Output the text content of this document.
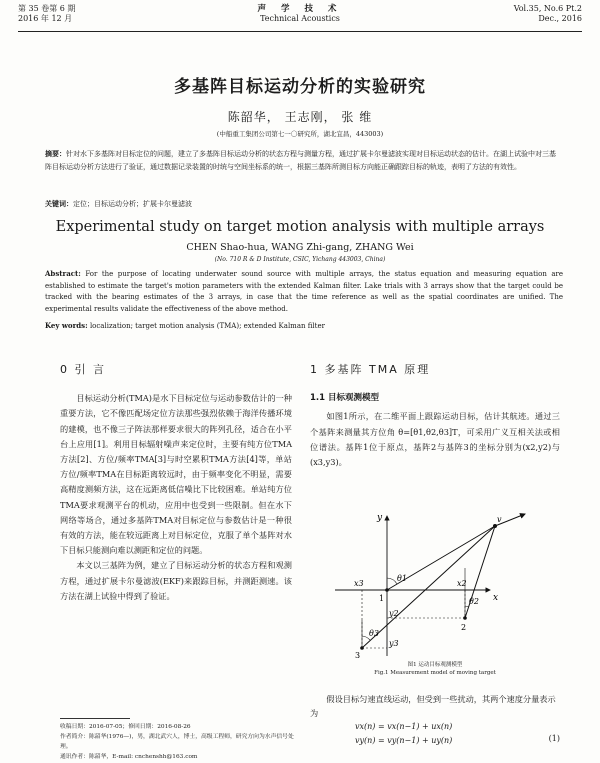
第 35 卷第 6 期
2016 年 12 月
声 学 技 术
Technical Acoustics
Vol.35, No.6 Pt.2
Dec., 2016
多基阵目标运动分析的实验研究
陈韶华， 王志刚， 张 维
(中船重工集团公司第七一〇研究所，湖北宜昌，443003)
摘要：针对水下多基阵对目标定位的问题，建立了多基阵目标运动分析的状态方程与测量方程，通过扩展卡尔曼滤波实现对目标运动状态的估计。在湖上试验中对三基阵目标运动分析方法进行了验证，通过数据记录装置的时统与空间坐标系的统一，根据三基阵所测目标方向能正确跟踪目标的轨迹，表明了方法的有效性。
关键词：定位；目标运动分析；扩展卡尔曼滤波
Experimental study on target motion analysis with multiple arrays
CHEN Shao-hua, WANG Zhi-gang, ZHANG Wei
(No. 710 R & D Institute, CSIC, Yichang 443003, China)
Abstract: For the purpose of locating underwater sound source with multiple arrays, the status equation and measuring equation are established to estimate the target's motion parameters with the extended Kalman filter. Lake trials with 3 arrays show that the target could be tracked with the bearing estimates of the 3 arrays, in case that the time reference as well as the spatial coordinates are unified. The experimental results validate the effectiveness of the above method.
Key words: localization; target motion analysis (TMA); extended Kalman filter
0 引 言
目标运动分析(TMA)是水下目标定位与运动参数估计的一种重要方法，它不像匹配场定位方法那些强烈依赖于海洋传播环境的建模，也不像三子阵法那样要求很大的阵列孔径，适合在小平台上应用[1]。利用目标辐射噪声来定位时，主要有纯方位TMA方法[2]、方位/频率TMA[3]与时空累积TMA方法[4]等，单站方位/频率TMA在目标距离较远时，由于频率变化不明显，需要高精度测频方法，这在远距离低信噪比下比较困难。单站纯方位TMA要求观测平台的机动，应用中也受到一些限制。但在水下网络等场合，通过多基阵TMA对目标定位与参数估计是一种很有效的方法，能在较远距离上对目标定位，克服了单个基阵对水下目标只能测向难以测距和定位的问题。
本文以三基阵为例，建立了目标运动分析的状态方程和观测方程，通过扩展卡尔曼滤波(EKF)来跟踪目标，并测距测速。该方法在湖上试验中得到了验证。
1 多基阵 TMA 原理
1.1 目标观测模型
如图1所示，在二维平面上跟踪运动目标，估计其航迹。通过三个基阵来测量其方位角 θ=[θ1,θ2,θ3]T，可采用广义互相关法或相位谱法。基阵1位于原点，基阵2与基阵3的坐标分别为(x2,y2)与(x3,y3)。
y
x
v
θ1
θ2
θ3
x2
x3
y2
y3
1
2
3
图1 运动目标观测模型
Fig.1 Measurement model of moving target
假设目标匀速直线运动，但受到一些扰动，其两个速度分量表示为
vx(n) = vx(n−1) + ux(n)
vy(n) = vy(n−1) + uy(n)	(1)
收稿日期：2016-07-05；修回日期：2016-08-26
作者简介：陈韶华(1976—)，男，湖北武穴人，博士，高级工程师，研究方向为水声信号处理。
通讯作者：陈韶华，E-mail: cnchenshh@163.com
